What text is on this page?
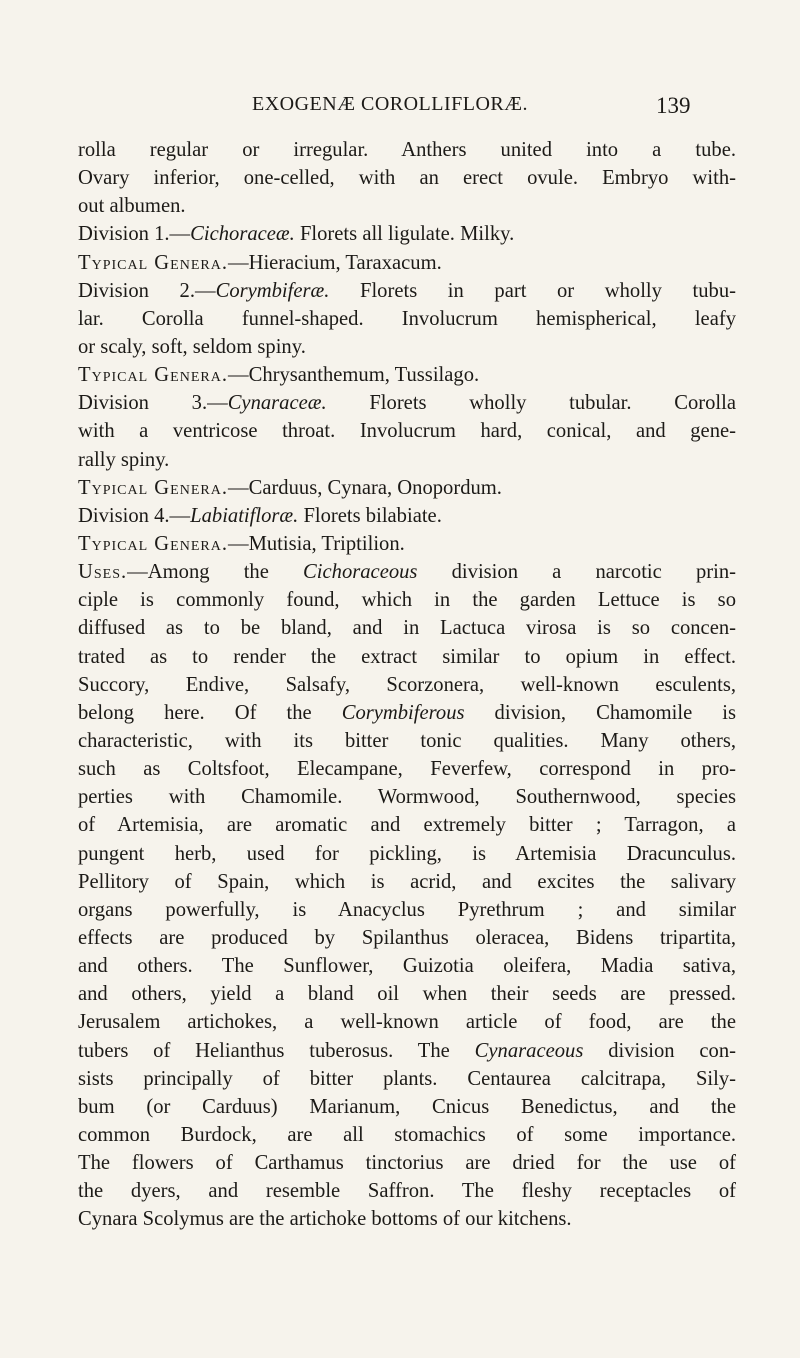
EXOGENÆ COROLLIFLORÆ.	139
rolla regular or irregular. Anthers united into a tube.
Ovary inferior, one-celled, with an erect ovule. Embryo with-
out albumen.
Division 1.—Cichoraceæ. Florets all ligulate. Milky.
Typical Genera.—Hieracium, Taraxacum.
Division 2.—Corymbiferæ. Florets in part or wholly tubu-
lar. Corolla funnel-shaped. Involucrum hemispherical, leafy
or scaly, soft, seldom spiny.
Typical Genera.—Chrysanthemum, Tussilago.
Division 3.—Cynaraceæ. Florets wholly tubular. Corolla
with a ventricose throat. Involucrum hard, conical, and gene-
rally spiny.
Typical Genera.—Carduus, Cynara, Onopordum.
Division 4.—Labiatifloræ. Florets bilabiate.
Typical Genera.—Mutisia, Triptilion.
Uses.—Among the Cichoraceous division a narcotic prin-
ciple is commonly found, which in the garden Lettuce is so
diffused as to be bland, and in Lactuca virosa is so concen-
trated as to render the extract similar to opium in effect.
Succory, Endive, Salsafy, Scorzonera, well-known esculents,
belong here. Of the Corymbiferous division, Chamomile is
characteristic, with its bitter tonic qualities. Many others,
such as Coltsfoot, Elecampane, Feverfew, correspond in pro-
perties with Chamomile. Wormwood, Southernwood, species
of Artemisia, are aromatic and extremely bitter ; Tarragon, a
pungent herb, used for pickling, is Artemisia Dracunculus.
Pellitory of Spain, which is acrid, and excites the salivary
organs powerfully, is Anacyclus Pyrethrum ; and similar
effects are produced by Spilanthus oleracea, Bidens tripartita,
and others. The Sunflower, Guizotia oleifera, Madia sativa,
and others, yield a bland oil when their seeds are pressed.
Jerusalem artichokes, a well-known article of food, are the
tubers of Helianthus tuberosus. The Cynaraceous division con-
sists principally of bitter plants. Centaurea calcitrapa, Sily-
bum (or Carduus) Marianum, Cnicus Benedictus, and the
common Burdock, are all stomachics of some importance.
The flowers of Carthamus tinctorius are dried for the use of
the dyers, and resemble Saffron. The fleshy receptacles of
Cynara Scolymus are the artichoke bottoms of our kitchens.
